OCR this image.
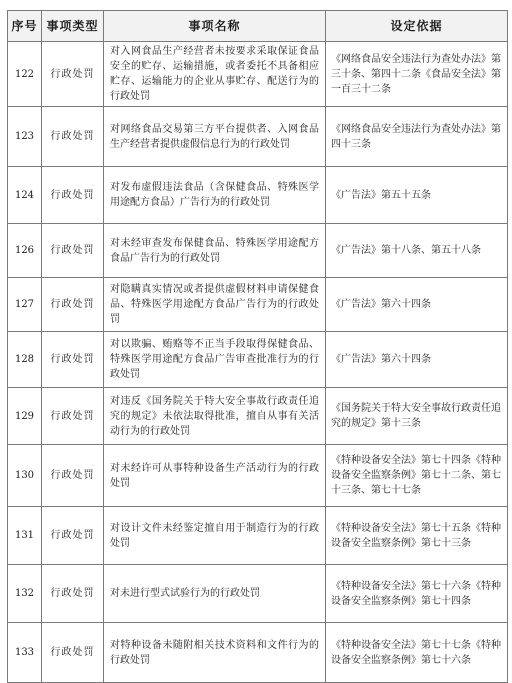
序号	事项类型	事项名称	设定依据
122	行政处罚	对入网食品生产经营者未按要求采取保证食品安全的贮存、运输措施，或者委托不具备相应贮存、运输能力的企业从事贮存、配送行为的行政处罚	《网络食品安全违法行为查处办法》第三十条、第四十二条《食品安全法》第一百三十二条
123	行政处罚	对网络食品交易第三方平台提供者、入网食品生产经营者提供虚假信息行为的行政处罚	《网络食品安全违法行为查处办法》第四十三条
124	行政处罚	对发布虚假违法食品（含保健食品、特殊医学用途配方食品）广告行为的行政处罚	《广告法》第五十五条
126	行政处罚	对未经审查发布保健食品、特殊医学用途配方食品广告行为的行政处罚	《广告法》第十八条、第五十八条
127	行政处罚	对隐瞒真实情况或者提供虚假材料申请保健食品、特殊医学用途配方食品广告行为的行政处罚	《广告法》第六十四条
128	行政处罚	对以欺骗、贿赂等不正当手段取得保健食品、特殊医学用途配方食品广告审查批准行为的行政处罚	《广告法》第六十四条
129	行政处罚	对违反《国务院关于特大安全事故行政责任追究的规定》未依法取得批准，擅自从事有关活动行为的行政处罚	《国务院关于特大安全事故行政责任追究的规定》第十三条
130	行政处罚	对未经许可从事特种设备生产活动行为的行政处罚	《特种设备安全法》第七十四条《特种设备安全监察条例》第七十二条、第七十三条、第七十七条
131	行政处罚	对设计文件未经鉴定擅自用于制造行为的行政处罚	《特种设备安全法》第七十五条《特种设备安全监察条例》第七十三条
132	行政处罚	对未进行型式试验行为的行政处罚	《特种设备安全法》第七十六条《特种设备安全监察条例》第七十四条
133	行政处罚	对特种设备未随附相关技术资料和文件行为的行政处罚	《特种设备安全法》第七十七条《特种设备安全监察条例》第七十六条
